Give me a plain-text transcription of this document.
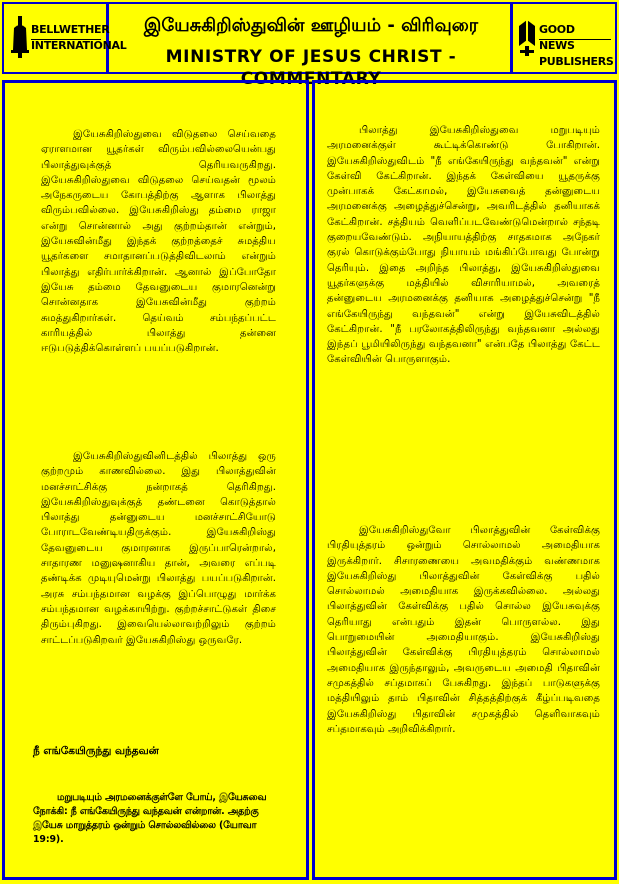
BELLWETHER INTERNATIONAL
இயேசுகிறிஸ்துவின் ஊழியம் - விரிவுரை
MINISTRY OF JESUS CHRIST - COMMENTARY
GOOD NEWS PUBLISHERS

இயேசுகிறிஸ்துவை விடுதலை செய்வதை ஏராளமான யூதர்கள் விரும்பவில்லையென்பது பிலாத்துவுக்குத் தெரியவருகிறது. இயேசுகிறிஸ்துவை விடுதலை செய்வதன் மூலம் அநேகருடைய கோபத்திற்கு ஆளாக பிலாத்து விரும்பவில்லை. இயேசுகிறிஸ்து தம்மை ராஜா என்று சொன்னால் அது குற்றம்தான் என்றும், இயேசுவின்மீது இந்தக் குற்றத்தைச் சுமத்திய யூதர்களை சமாதானப்படுத்திவிடலாம் என்றும் பிலாத்து எதிர்பார்க்கிறான். ஆனால் இப்போதோ இயேசு தம்மை தேவனுடைய குமாரனென்று சொன்னதாக இயேசுவின்மீது குற்றம் சுமத்துகிறார்கள். தெய்வம் சம்பந்தப்பட்ட காரியத்தில் பிலாத்து தன்னை ஈடுபடுத்திக்கொள்ளப் பயப்படுகிறான்.

இயேசுகிறிஸ்துவினிடத்தில் பிலாத்து ஒரு குற்றமும் காணவில்லை. இது பிலாத்துவின் மனச்சாட்சிக்கு நன்றாகத் தெரிகிறது. இயேசுகிறிஸ்துவுக்குத் தண்டனை கொடுத்தால் பிலாத்து தன்னுடைய மனச்சாட்சியோடு போராடவேண்டியதிருக்கும். இயேசுகிறிஸ்து தேவனுடைய குமாரனாக இருப்பாரென்றால், சாதாரண மனுஷனாகிய தான், அவரை எப்படி தண்டிக்க முடியுமென்று பிலாத்து பயப்படுகிறான். அரசு சம்பந்தமான வழக்கு இப்பொழுது மார்க்க சம்பந்தமான வழக்காயிற்று. குற்றச்சாட்டுகள் திசை திரும்புகிறது. இவையெல்லாவற்றிலும் குற்றம் சாட்டப்படுகிறவர் இயேசுகிறிஸ்து ஒருவரே.

நீ எங்கேயிருந்து வந்தவன்
மறுபடியும் அரமனைக்குள்ளே போய், இயேசுவை நோக்கி: நீ எங்கேயிருந்து வந்தவன் என்றான். அதற்கு இயேசு மாறுத்தரம் ஒன்றும் சொல்லவில்லை (யோவா 19:9).

பிலாத்து இயேசுகிறிஸ்துவை மறுபடியும் அரமனைக்குள் கூட்டிக்கொண்டு போகிறான். இயேசுகிறிஸ்துவிடம் "நீ எங்கேயிருந்து வந்தவன்" என்று கேள்வி கேட்கிறான். இந்தக் கேள்வியை யூதருக்கு முன்பாகக் கேட்காமல், இயேசுவைத் தன்னுடைய அரமனைக்கு அழைத்துச்சென்று, அவரிடத்தில் தனியாகக் கேட்கிறான். சத்தியம் வெளிப்படவேண்டுமென்றால் சந்தடி குறையவேண்டும். அநியாயத்திற்கு சாதகமாக அநேகர் குரல் கொடுக்கும்போது நியாயம் மங்கிப்போவது போன்று தெரியும். இதை அறிந்த பிலாத்து, இயேசுகிறிஸ்துவை யூதர்களுக்கு மத்தியில் விசாரியாமல், அவரைத் தன்னுடைய அரமனைக்கு தனியாக அழைத்துச்சென்று "நீ எங்கேயிருந்து வந்தவன்" என்று இயேசுவிடத்தில் கேட்கிறான். "நீ பரலோகத்திலிருந்து வந்தவனா அல்லது இந்தப் பூமியிலிருந்து வந்தவனா" என்பதே பிலாத்து கேட்ட கேள்வியின் பொருளாகும்.

இயேசுகிறிஸ்துவோ பிலாத்துவின் கேள்விக்கு பிரதியுத்தரம் ஒன்றும் சொல்லாமல் அமைதியாக இருக்கிறார். சிசாரணையை அவமதிக்கும் வண்ணமாக இயேசுகிறிஸ்து பிலாத்துவின் கேள்விக்கு பதில் சொல்லாமல் அமைதியாக இருக்கவில்லை. அல்லது பிலாத்துவின் கேள்விக்கு பதில் சொல்ல இயேசுவுக்கு தெரியாது என்பதும் இதன் பொருளல்ல. இது பொறுமையின் அமைதியாகும். இயேசுகிறிஸ்து பிலாத்துவின் கேள்விக்கு பிரதியுத்தரம் சொல்லாமல் அமைதியாக இருந்தாலும், அவருடைய அமைதி பிதாவின் சமுகத்தில் சப்தமாகப் பேசுகிறது. இந்தப் பாடுகளுக்கு மத்தியிலும் தாம் பிதாவின் சித்தத்திற்குக் கீழ்ப்படிவதை இயேசுகிறிஸ்து பிதாவின் சமுகத்தில் தெளிவாகவும் சப்தமாகவும் அறிவிக்கிறார்.
